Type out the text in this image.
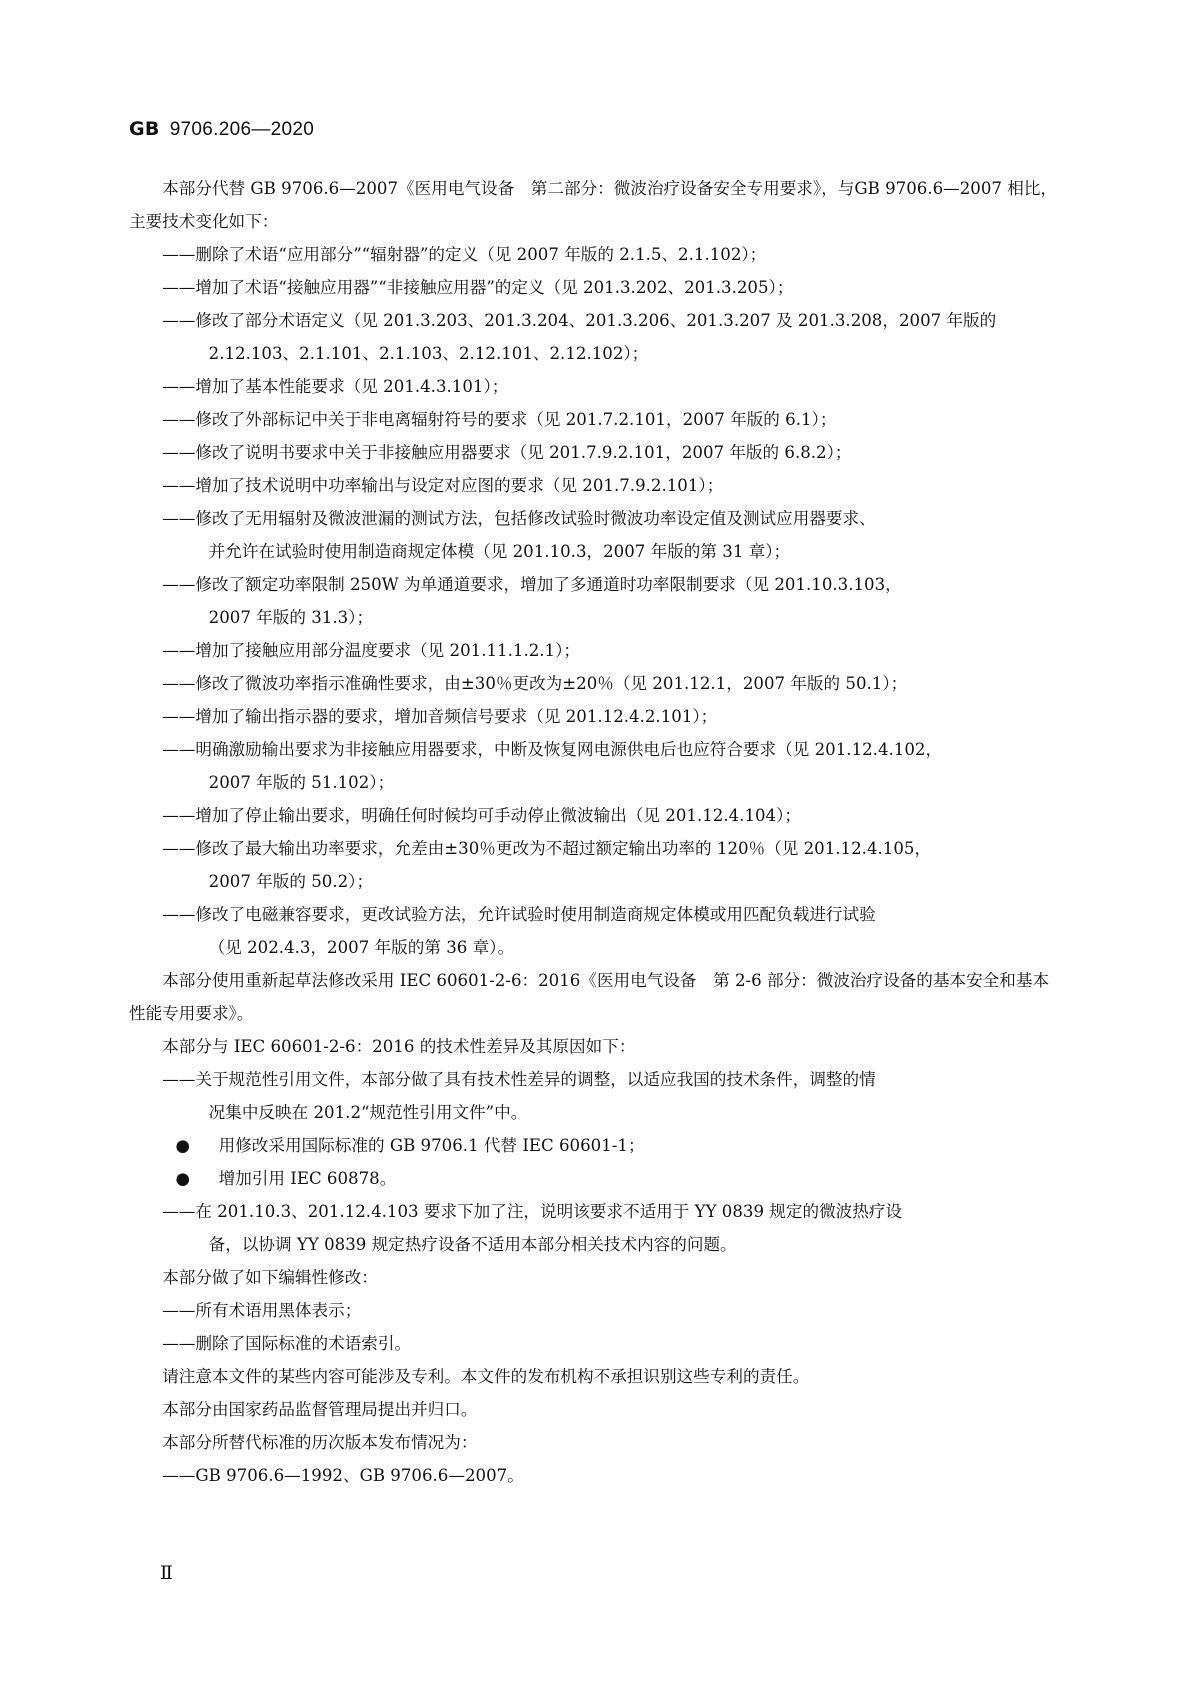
GB 9706.206—2020

本部分代替 GB 9706.6—2007《医用电气设备　第二部分：微波治疗设备安全专用要求》，与GB 9706.6—2007 相比，主要技术变化如下：

——删除了术语“应用部分”“辐射器”的定义（见 2007 年版的 2.1.5、2.1.102）；

——增加了术语“接触应用器”“非接触应用器”的定义（见 201.3.202、201.3.205）；

——修改了部分术语定义（见 201.3.203、201.3.204、201.3.206、201.3.207 及 201.3.208，2007 年版的
2.12.103、2.1.101、2.1.103、2.12.101、2.12.102）；

——增加了基本性能要求（见 201.4.3.101）；

——修改了外部标记中关于非电离辐射符号的要求（见 201.7.2.101，2007 年版的 6.1）；

——修改了说明书要求中关于非接触应用器要求（见 201.7.9.2.101，2007 年版的 6.8.2）；

——增加了技术说明中功率输出与设定对应图的要求（见 201.7.9.2.101）；

——修改了无用辐射及微波泄漏的测试方法，包括修改试验时微波功率设定值及测试应用器要求、
并允许在试验时使用制造商规定体模（见 201.10.3，2007 年版的第 31 章）；

——修改了额定功率限制 250W 为单通道要求，增加了多通道时功率限制要求（见 201.10.3.103，
2007 年版的 31.3）；

——增加了接触应用部分温度要求（见 201.11.1.2.1）；

——修改了微波功率指示准确性要求，由±30％更改为±20％（见 201.12.1，2007 年版的 50.1）；

——增加了输出指示器的要求，增加音频信号要求（见 201.12.4.2.101）；

——明确激励输出要求为非接触应用器要求，中断及恢复网电源供电后也应符合要求（见 201.12.4.102，
2007 年版的 51.102）；

——增加了停止输出要求，明确任何时候均可手动停止微波输出（见 201.12.4.104）；

——修改了最大输出功率要求，允差由±30％更改为不超过额定输出功率的 120％（见 201.12.4.105，
2007 年版的 50.2）；

——修改了电磁兼容要求，更改试验方法，允许试验时使用制造商规定体模或用匹配负载进行试验
（见 202.4.3，2007 年版的第 36 章）。

本部分使用重新起草法修改采用 IEC 60601-2-6：2016《医用电气设备　第 2-6 部分：微波治疗设备的基本安全和基本性能专用要求》。

本部分与 IEC 60601-2-6：2016 的技术性差异及其原因如下：

——关于规范性引用文件，本部分做了具有技术性差异的调整，以适应我国的技术条件，调整的情
况集中反映在 201.2“规范性引用文件”中。

● 用修改采用国际标准的 GB 9706.1 代替 IEC 60601-1；

● 增加引用 IEC 60878。

——在 201.10.3、201.12.4.103 要求下加了注，说明该要求不适用于 YY 0839 规定的微波热疗设
备，以协调 YY 0839 规定热疗设备不适用本部分相关技术内容的问题。

本部分做了如下编辑性修改：

——所有术语用黑体表示；

——删除了国际标准的术语索引。

请注意本文件的某些内容可能涉及专利。本文件的发布机构不承担识别这些专利的责任。

本部分由国家药品监督管理局提出并归口。

本部分所替代标准的历次版本发布情况为：

——GB 9706.6—1992、GB 9706.6—2007。

Ⅱ
